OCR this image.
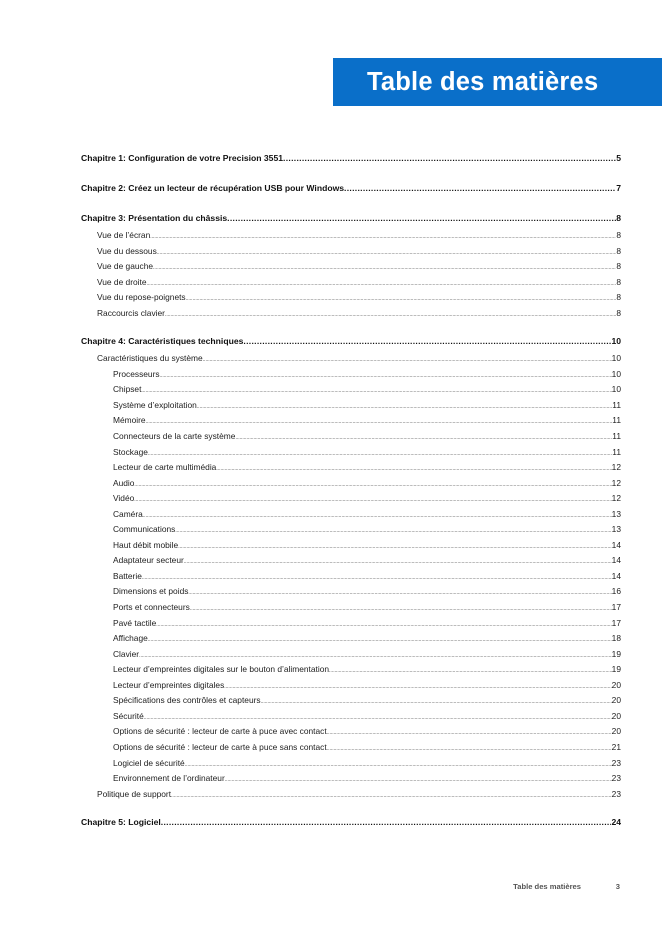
Table des matières
Chapitre 1: Configuration de votre Precision 3551 .....	5
Chapitre 2: Créez un lecteur de récupération USB pour Windows .....	7
Chapitre 3: Présentation du châssis .....	8
Vue de l’écran .....	8
Vue du dessous .....	8
Vue de gauche .....	8
Vue de droite .....	8
Vue du repose-poignets .....	8
Raccourcis clavier .....	8
Chapitre 4: Caractéristiques techniques .....	10
Caractéristiques du système .....	10
Processeurs .....	10
Chipset .....	10
Système d’exploitation .....	11
Mémoire .....	11
Connecteurs de la carte système .....	11
Stockage .....	11
Lecteur de carte multimédia .....	12
Audio .....	12
Vidéo .....	12
Caméra .....	13
Communications .....	13
Haut débit mobile .....	14
Adaptateur secteur .....	14
Batterie .....	14
Dimensions et poids .....	16
Ports et connecteurs .....	17
Pavé tactile .....	17
Affichage .....	18
Clavier .....	19
Lecteur d’empreintes digitales sur le bouton d’alimentation .....	19
Lecteur d’empreintes digitales .....	20
Spécifications des contrôles et capteurs .....	20
Sécurité .....	20
Options de sécurité : lecteur de carte à puce avec contact .....	20
Options de sécurité : lecteur de carte à puce sans contact .....	21
Logiciel de sécurité .....	23
Environnement de l’ordinateur .....	23
Politique de support .....	23
Chapitre 5: Logiciel .....	24
Table des matières	3
